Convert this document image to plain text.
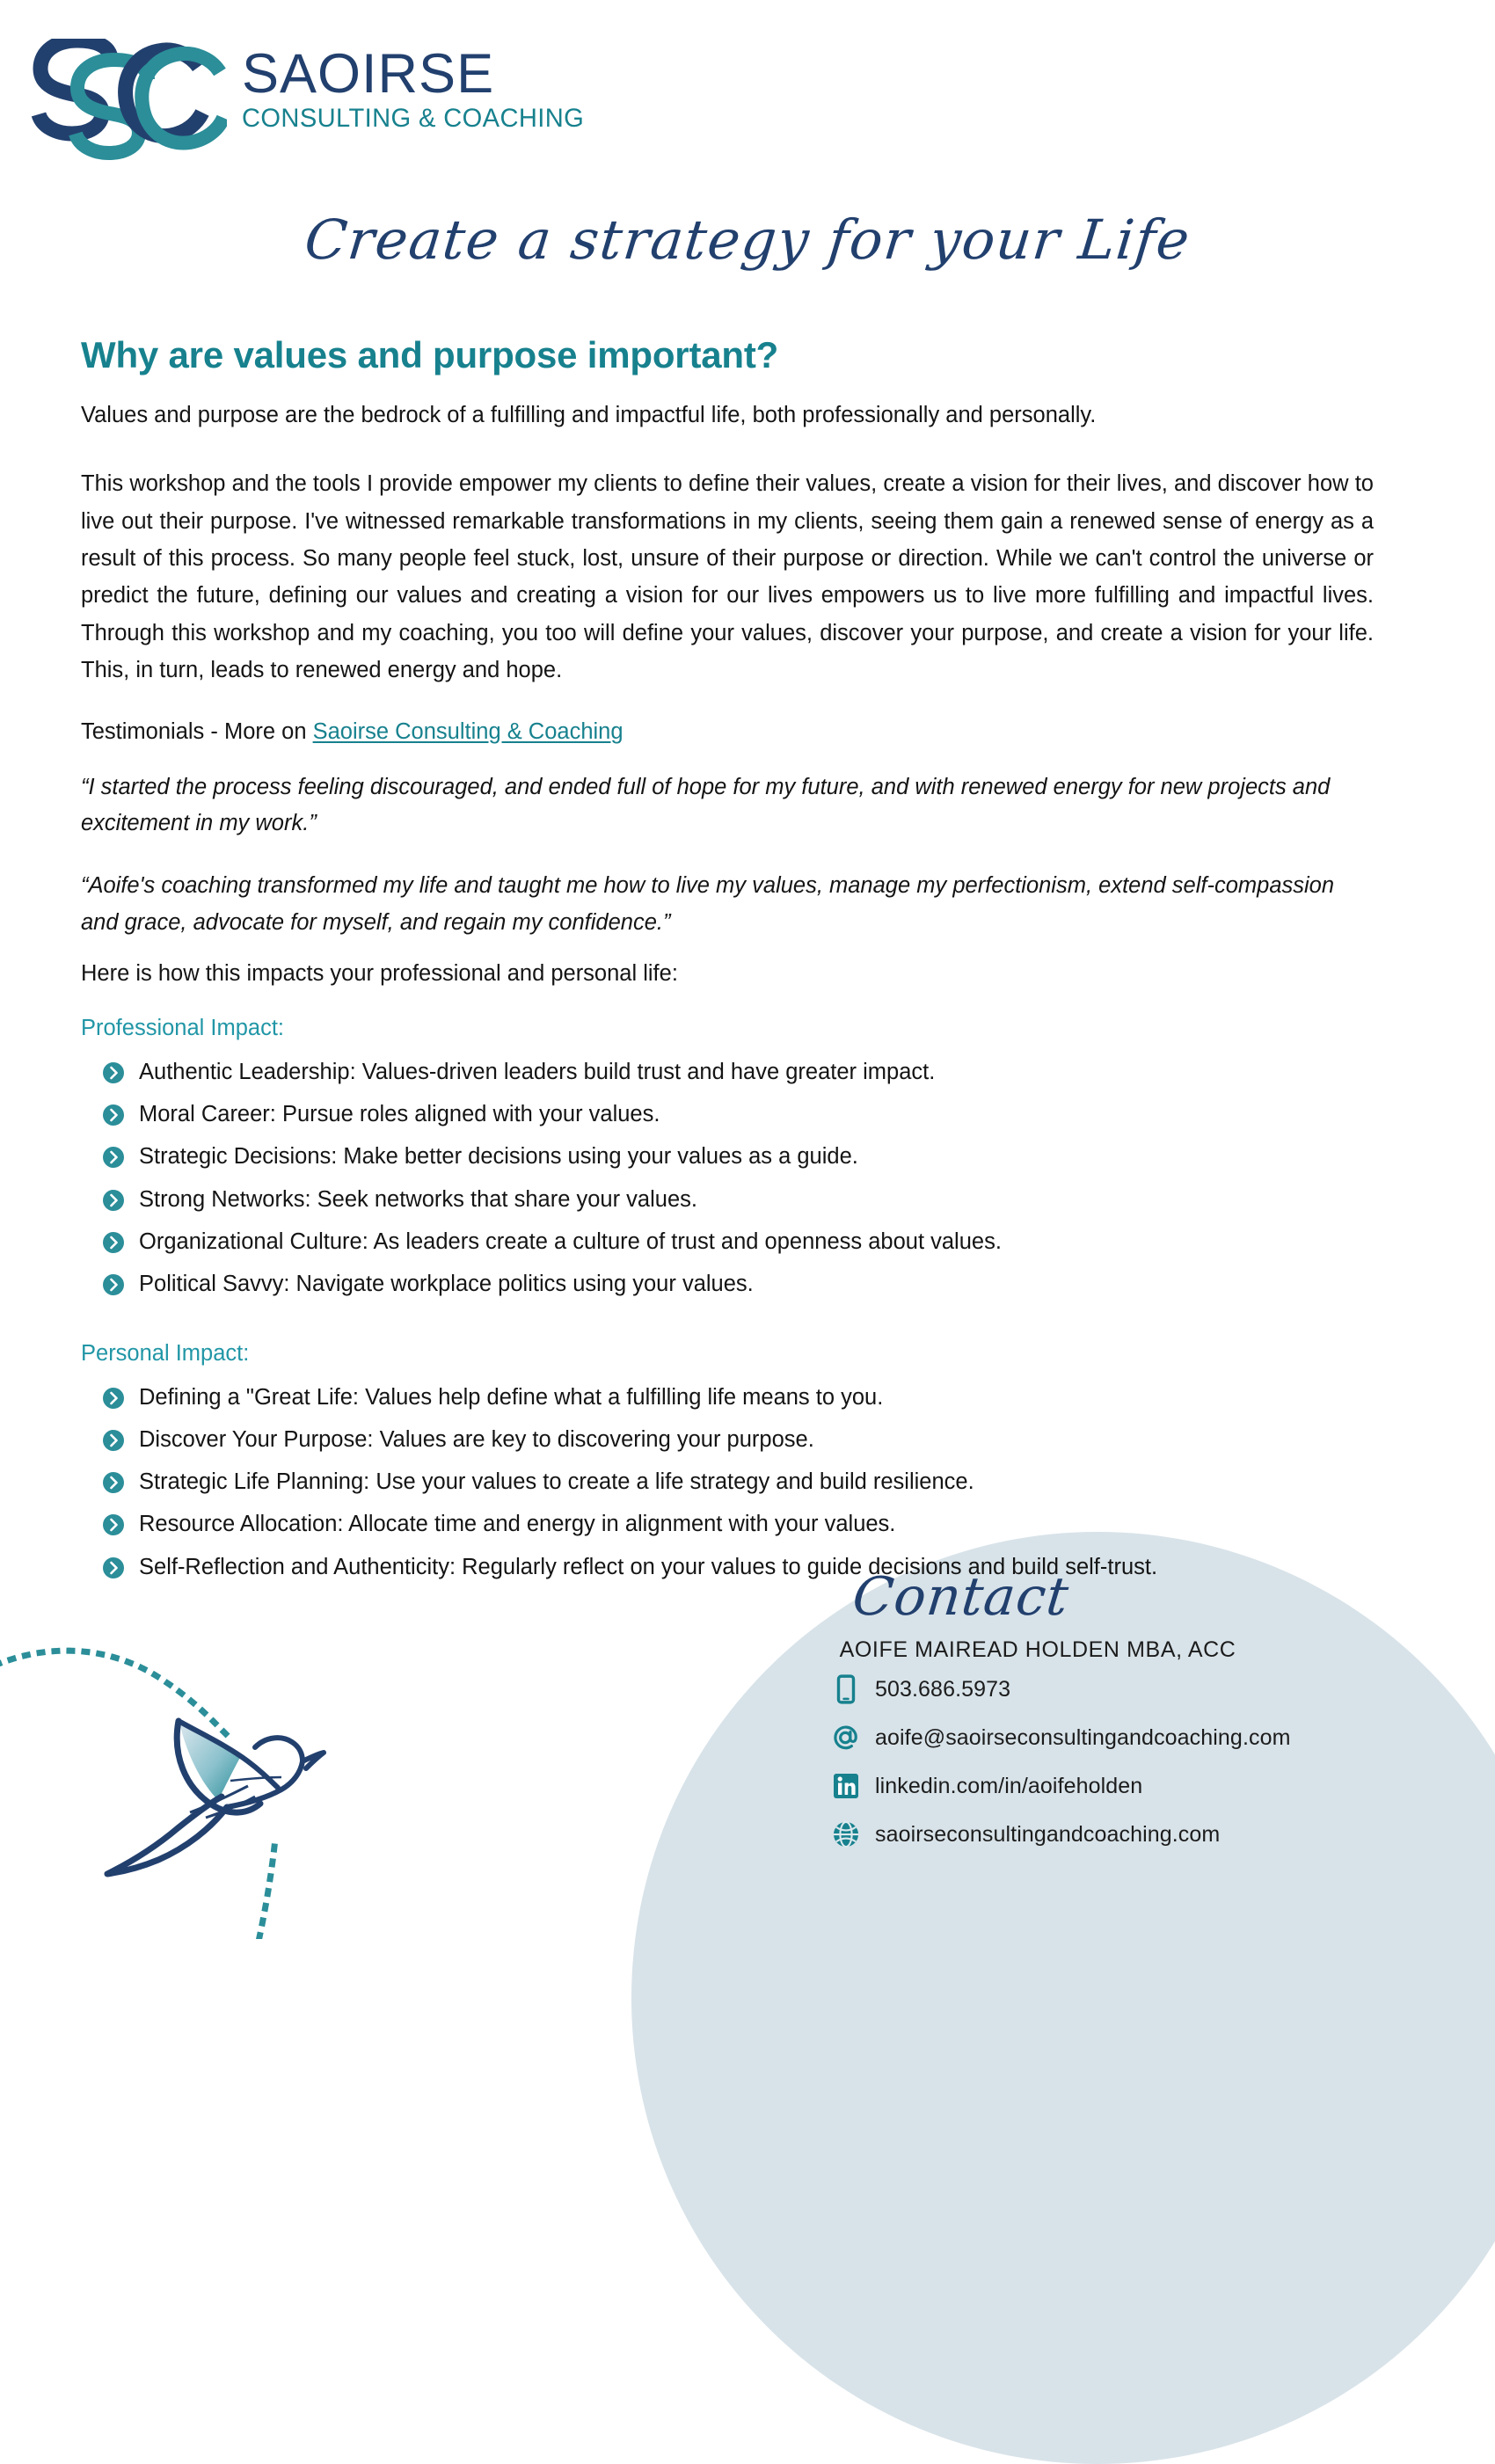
SAOIRSE
CONSULTING & COACHING
Create a strategy for your Life
Why are values and purpose important?

Values and purpose are the bedrock of a fulfilling and impactful life, both professionally and personally.

This workshop and the tools I provide empower my clients to define their values, create a vision for their lives, and discover how to live out their purpose. I've witnessed remarkable transformations in my clients, seeing them gain a renewed sense of energy as a result of this process. So many people feel stuck, lost, unsure of their purpose or direction. While we can't control the universe or predict the future, defining our values and creating a vision for our lives empowers us to live more fulfilling and impactful lives. Through this workshop and my coaching, you too will define your values, discover your purpose, and create a vision for your life. This, in turn, leads to renewed energy and hope.

Testimonials - More on Saoirse Consulting & Coaching

“I started the process feeling discouraged, and ended full of hope for my future, and with renewed energy for new projects and excitement in my work.”

“Aoife's coaching transformed my life and taught me how to live my values, manage my perfectionism, extend self-compassion and grace, advocate for myself, and regain my confidence.”

Here is how this impacts your professional and personal life:

Professional Impact:
Authentic Leadership: Values-driven leaders build trust and have greater impact.
Moral Career: Pursue roles aligned with your values.
Strategic Decisions: Make better decisions using your values as a guide.
Strong Networks: Seek networks that share your values.
Organizational Culture: As leaders create a culture of trust and openness about values.
Political Savvy: Navigate workplace politics using your values.
Personal Impact:
Defining a "Great Life: Values help define what a fulfilling life means to you.
Discover Your Purpose: Values are key to discovering your purpose.
Strategic Life Planning: Use your values to create a life strategy and build resilience.
Resource Allocation: Allocate time and energy in alignment with your values.
Self-Reflection and Authenticity: Regularly reflect on your values to guide decisions and build self-trust.
Contact
AOIFE MAIREAD HOLDEN MBA, ACC
503.686.5973
aoife@saoirseconsultingandcoaching.com
linkedin.com/in/aoifeholden
saoirseconsultingandcoaching.com
